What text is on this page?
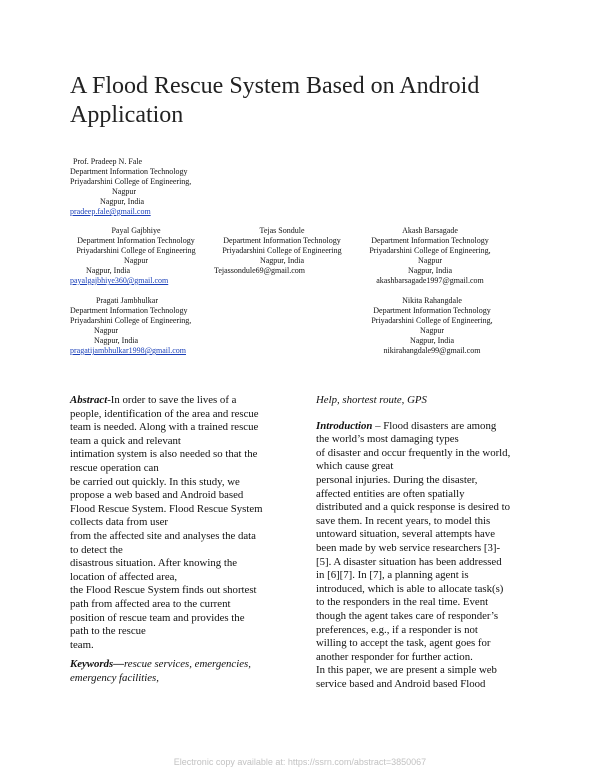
A Flood Rescue System Based on Android Application
Prof. Pradeep N. Fale
Department Information Technology
Priyadarshini College of Engineering,
Nagpur
Nagpur, India
pradeep.fale@gmail.com
Payal Gajbhiye
Department Information Technology
Priyadarshini College of Engineering
Nagpur
Nagpur, India
payalgajbhiye360@gmail.com
Tejas Sondule
Department Information Technology
Priyadarshini College of Engineering
Nagpur, India
Tejassondule69@gmail.com
Akash Barsagade
Department Information Technology
Priyadarshini College of Engineering,
Nagpur
Nagpur, India
akashbarsagade1997@gmail.com
Pragati Jambhulkar
Department Information Technology
Priyadarshini College of Engineering,
Nagpur
Nagpur, India
pragatijambhulkar1998@gmail.com
Nikita Rahangdale
Department Information Technology
Priyadarshini College of Engineering,
Nagpur
Nagpur, India
nikirahangdale99@gmail.com

Abstract-In order to save the lives of a

people, identification of the area and rescue

team is needed. Along with a trained rescue

team a quick and relevant

intimation system is also needed so that the

rescue operation can

be carried out quickly. In this study, we

propose a web based and Android based

Flood Rescue System. Flood Rescue System

collects data from user

from the affected site and analyses the data

to detect the

disastrous situation. After knowing the

location of affected area,

the Flood Rescue System finds out shortest

path from affected area to the current

position of rescue team and provides the

path to the rescue

team.

Keywords—rescue services, emergencies,

emergency facilities,

Help, shortest route, GPS

Introduction – Flood disasters are among

the world’s most damaging types

of disaster and occur frequently in the world,

which cause great

personal injuries. During the disaster,

affected entities are often spatially

distributed and a quick response is desired to

save them. In recent years, to model this

untoward situation, several attempts have

been made by web service researchers [3]-

[5]. A disaster situation has been addressed

in [6][7]. In [7], a planning agent is

introduced, which is able to allocate task(s)

to the responders in the real time. Event

though the agent takes care of responder’s

preferences, e.g., if a responder is not

willing to accept the task, agent goes for

another responder for further action.

In this paper, we are present a simple web

service based and Android based Flood

Electronic copy available at: https://ssrn.com/abstract=3850067
